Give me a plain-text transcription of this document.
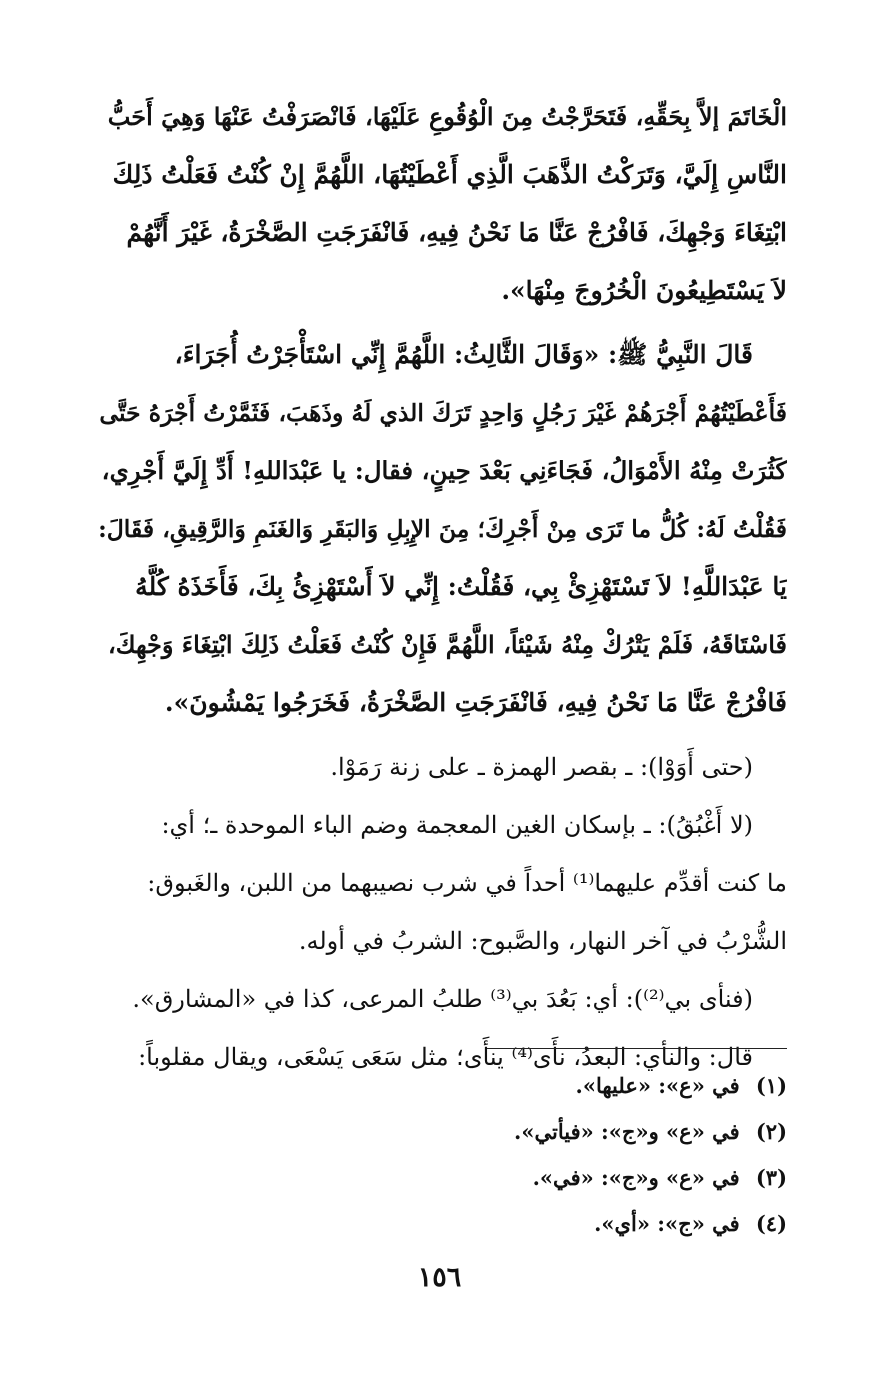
الْخَاتَمَ إلاَّ بِحَقِّهِ، فَتَحَرَّجْتُ مِنَ الْوُقُوعِ عَلَيْهَا، فَانْصَرَفْتُ عَنْهَا وَهِيَ أَحَبُّ
النَّاسِ إِلَيَّ، وَتَرَكْتُ الذَّهَبَ الَّذِي أَعْطَيْتُهَا، اللَّهُمَّ إِنْ كُنْتُ فَعَلْتُ ذَلِكَ
ابْتِغَاءَ وَجْهِكَ، فَافْرُجْ عَنَّا مَا نَحْنُ فِيهِ، فَانْفَرَجَتِ الصَّخْرَةُ، غَيْرَ أَنَّهُمْ
لاَ يَسْتَطِيعُونَ الْخُرُوجَ مِنْهَا».
قَالَ النَّبِيُّ ﷺ: «وَقَالَ الثَّالِثُ: اللَّهُمَّ إِنِّي اسْتَأْجَرْتُ أُجَرَاءَ،
فَأَعْطَيْتُهُمْ أَجْرَهُمْ غَيْرَ رَجُلٍ وَاحِدٍ تَرَكَ الذي لَهُ وذَهَبَ، فَثَمَّرْتُ أَجْرَهُ حَتَّى
كَثُرَتْ مِنْهُ الأَمْوَالُ، فَجَاءَنِي بَعْدَ حِينٍ، فقال: يا عَبْدَاللهِ! أَدِّ إِلَيَّ أَجْرِي،
فَقُلْتُ لَهُ: كُلُّ ما تَرَى مِنْ أَجْرِكَ؛ مِنَ الإِبِلِ وَالبَقَرِ وَالغَنَمِ وَالرَّقِيقِ، فَقَالَ:
يَا عَبْدَاللَّهِ! لاَ تَسْتَهْزِئْ بِي، فَقُلْتُ: إِنِّي لاَ أَسْتَهْزِئُ بِكَ، فَأَخَذَهُ كُلَّهُ
فَاسْتَاقَهُ، فَلَمْ يَتْرُكْ مِنْهُ شَيْئاً، اللَّهُمَّ فَإِنْ كُنْتُ فَعَلْتُ ذَلِكَ ابْتِغَاءَ وَجْهِكَ،
فَافْرُجْ عَنَّا مَا نَحْنُ فِيهِ، فَانْفَرَجَتِ الصَّخْرَةُ، فَخَرَجُوا يَمْشُونَ».
(حتى أَوَوْا): ـ بقصر الهمزة ـ على زنة رَمَوْا.
(لا أَغْبُقُ): ـ بإسكان الغين المعجمة وضم الباء الموحدة ـ؛ أي:
ما كنت أقدِّم عليهما⁽¹⁾ أحداً في شرب نصيبهما من اللبن، والغَبوق:
الشُّرْبُ في آخر النهار، والصَّبوح: الشربُ في أوله.
(فنأى بي⁽²⁾): أي: بَعُدَ بي⁽³⁾ طلبُ المرعى، كذا في «المشارق».
قال: والنأي: البعدُ، نأَى⁽⁴⁾ ينأَى؛ مثل سَعَى يَسْعَى، ويقال مقلوباً:
(١) في «ع»: «عليها».
(٢) في «ع» و«ج»: «فيأتي».
(٣) في «ع» و«ج»: «في».
(٤) في «ج»: «أي».
١٥٦
